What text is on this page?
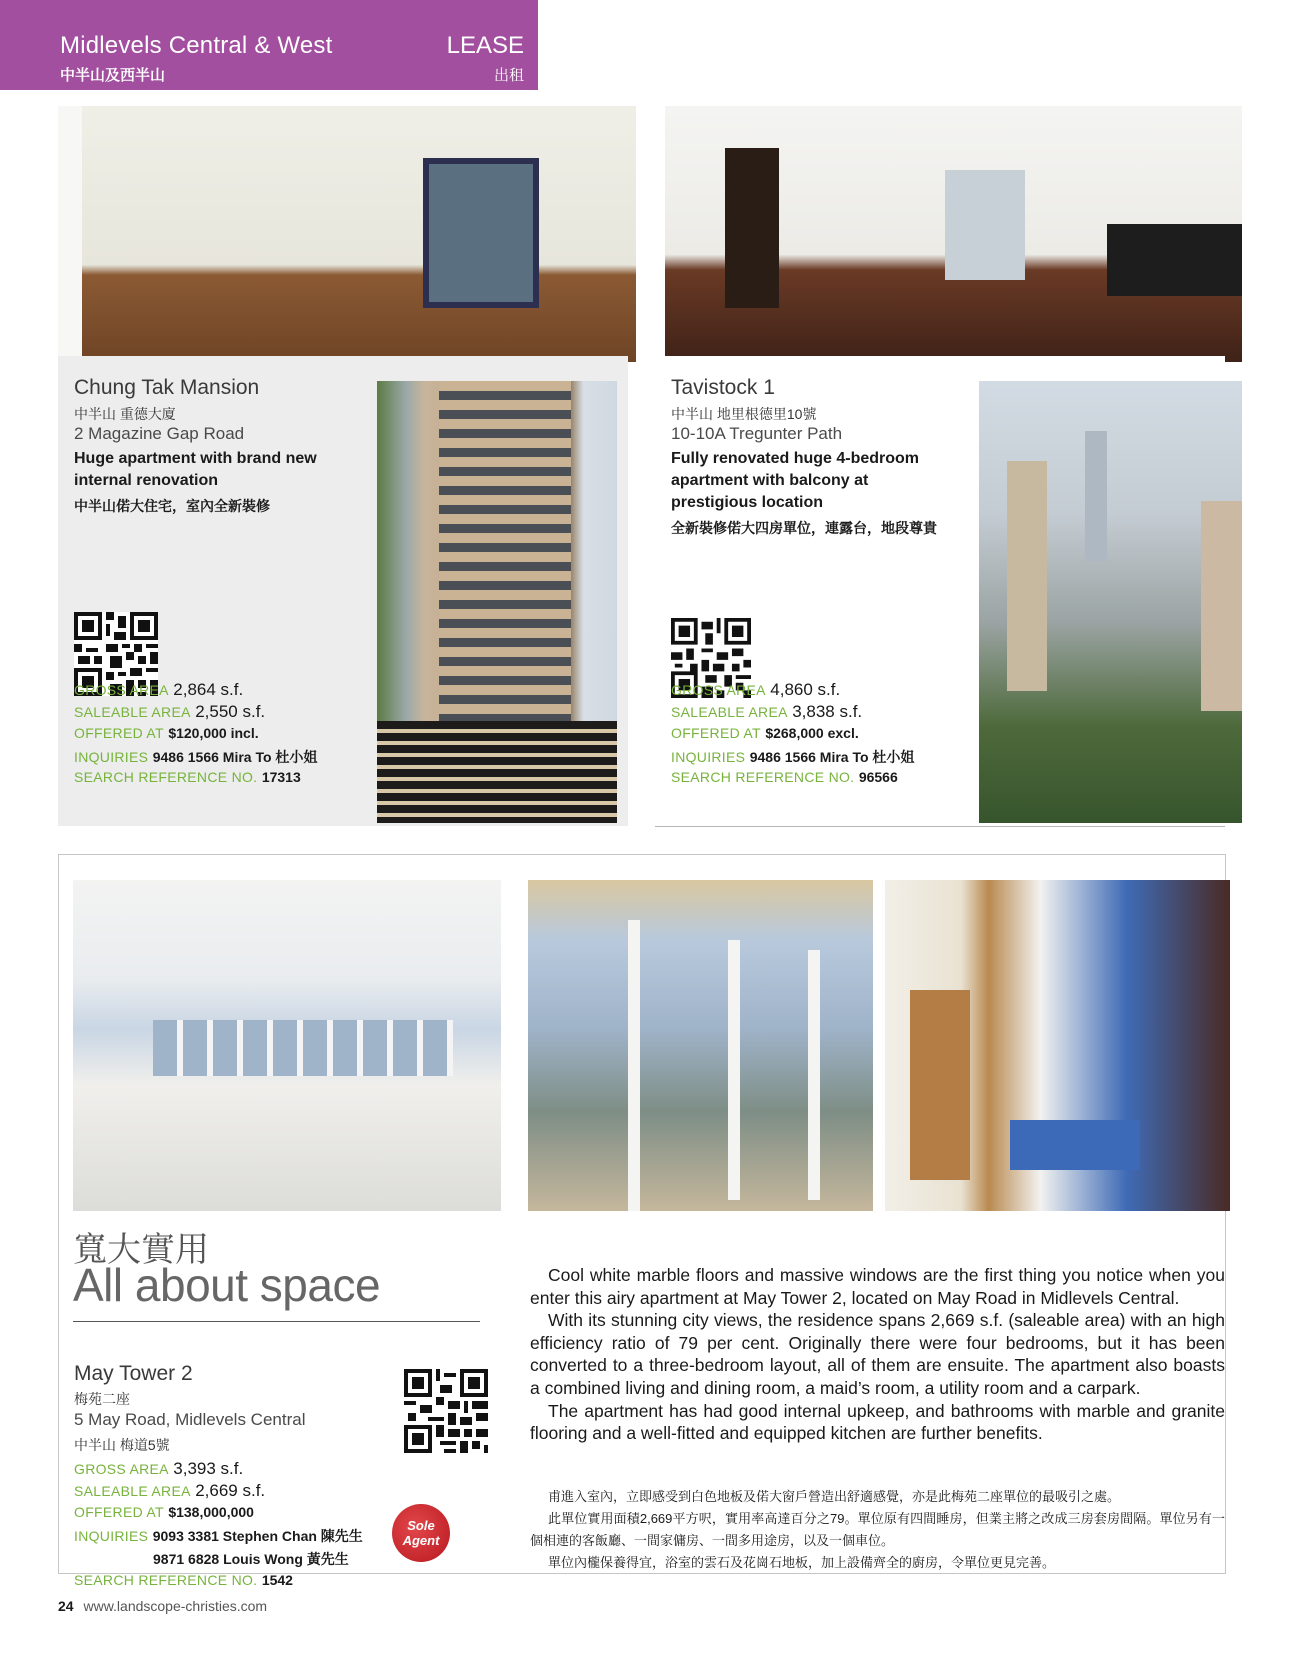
Midlevels Central & West
中半山及西半山
LEASE
出租
Chung Tak Mansion
中半山 重德大廈
2 Magazine Gap Road
Huge apartment with brand new
internal renovation
中半山偌大住宅，室內全新裝修
GROSS AREA 2,864 s.f.
SALEABLE AREA 2,550 s.f.
OFFERED AT $120,000 incl.
INQUIRIES 9486 1566 Mira To 杜小姐
SEARCH REFERENCE NO. 17313
Tavistock 1
中半山 地里根德里10號
10-10A Tregunter Path
Fully renovated huge 4-bedroom
apartment with balcony at
prestigious location
全新裝修偌大四房單位，連露台，地段尊貴
GROSS AREA 4,860 s.f.
SALEABLE AREA 3,838 s.f.
OFFERED AT $268,000 excl.
INQUIRIES 9486 1566 Mira To 杜小姐
SEARCH REFERENCE NO. 96566
寬大實用
All about space
May Tower 2
梅苑二座
5 May Road, Midlevels Central
中半山 梅道5號
GROSS AREA 3,393 s.f.
SALEABLE AREA 2,669 s.f.
OFFERED AT $138,000,000
INQUIRIES 9093 3381 Stephen Chan 陳先生
9871 6828 Louis Wong 黃先生
SEARCH REFERENCE NO. 1542
Sole
Agent

Cool white marble floors and massive windows are the first thing you notice when you enter this airy apartment at May Tower 2, located on May Road in Midlevels Central.

With its stunning city views, the residence spans 2,669 s.f. (saleable area) with an high efficiency ratio of 79 per cent. Originally there were four bedrooms, but it has been converted to a three-bedroom layout, all of them are ensuite. The apartment also boasts a combined living and dining room, a maid’s room, a utility room and a carpark.

The apartment has had good internal upkeep, and bathrooms with marble and granite flooring and a well-fitted and equipped kitchen are further benefits.

甫進入室內，立即感受到白色地板及偌大窗戶營造出舒適感覺，亦是此梅苑二座單位的最吸引之處。

此單位實用面積2,669平方呎，實用率高達百分之79。單位原有四間睡房，但業主將之改成三房套房間隔。單位另有一個相連的客飯廳、一間家傭房、一間多用途房，以及一個車位。

單位內櫳保養得宜，浴室的雲石及花崗石地板，加上設備齊全的廚房，令單位更見完善。

24 www.landscope-christies.com
